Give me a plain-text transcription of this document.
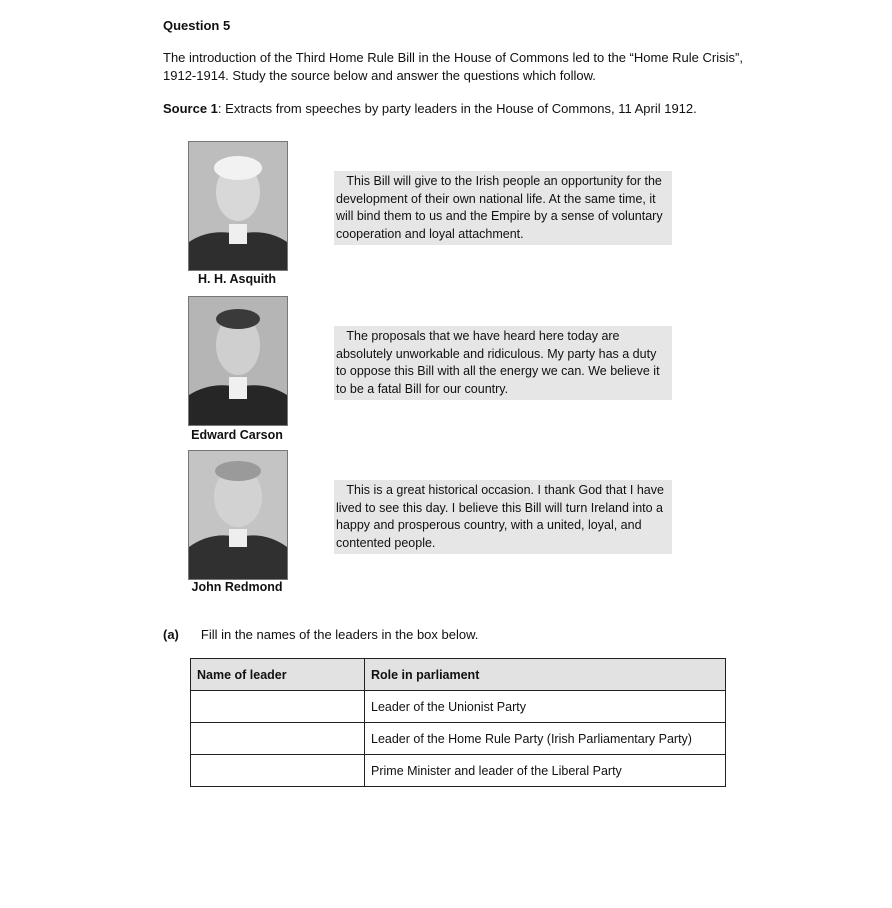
Question 5
The introduction of the Third Home Rule Bill in the House of Commons led to the “Home Rule Crisis”, 1912-1914. Study the source below and answer the questions which follow.
Source 1: Extracts from speeches by party leaders in the House of Commons, 11 April 1912.
H. H. Asquith
This Bill will give to the Irish people an opportunity for the development of their own national life. At the same time, it will bind them to us and the Empire by a sense of voluntary cooperation and loyal attachment.
Edward Carson
The proposals that we have heard here today are absolutely unworkable and ridiculous. My party has a duty to oppose this Bill with all the energy we can. We believe it to be a fatal Bill for our country.
John Redmond
This is a great historical occasion. I thank God that I have lived to see this day. I believe this Bill will turn Ireland into a happy and prosperous country, with a united, loyal, and contented people.
(a) Fill in the names of the leaders in the box below.
Name of leader	Role in parliament
	Leader of the Unionist Party
	Leader of the Home Rule Party (Irish Parliamentary Party)
	Prime Minister and leader of the Liberal Party
